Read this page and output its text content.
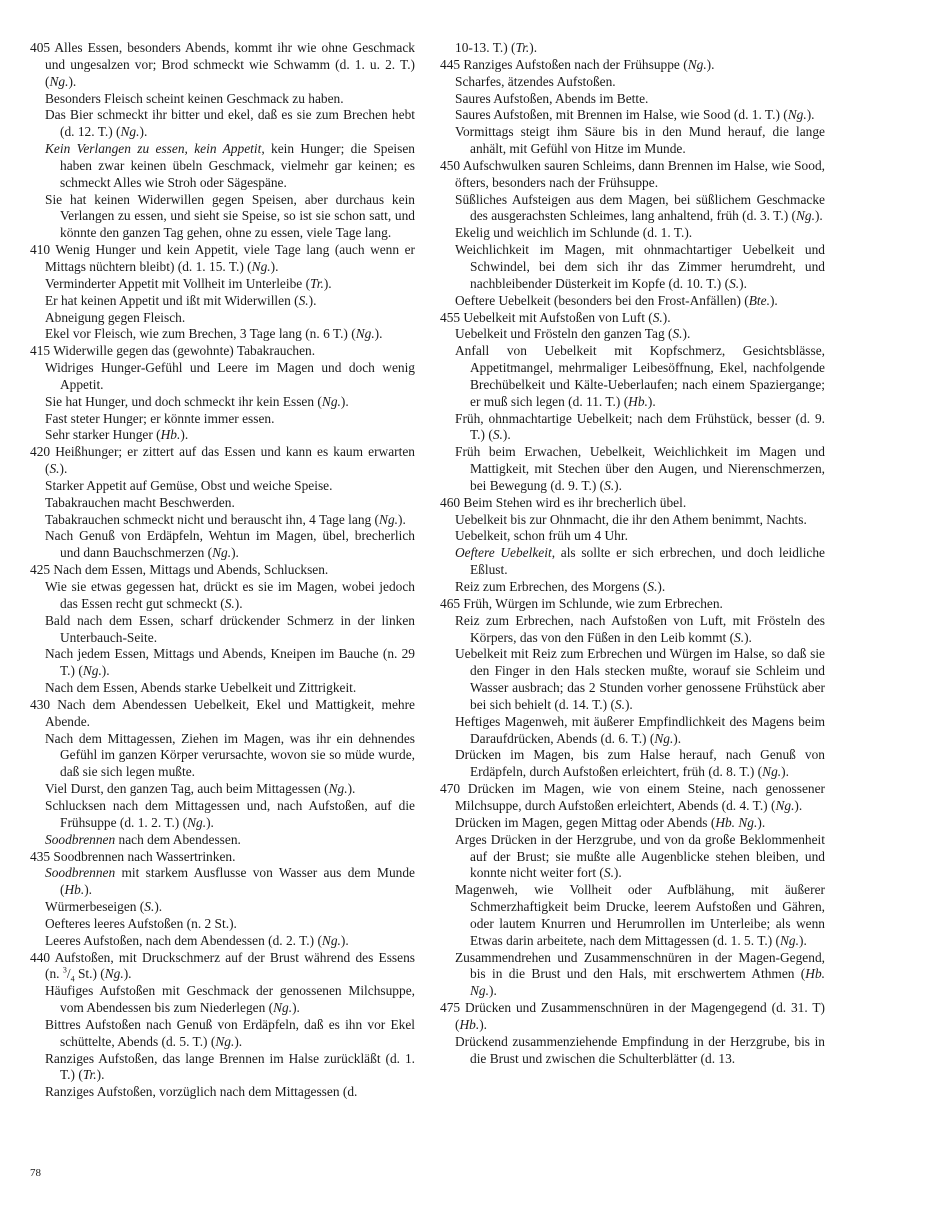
405 Alles Essen, besonders Abends, kommt ihr wie ohne Geschmack und ungesalzen vor; Brod schmeckt wie Schwamm (d. 1. u. 2. T.) (Ng.).

Besonders Fleisch scheint keinen Geschmack zu haben.

Das Bier schmeckt ihr bitter und ekel, daß es sie zum Brechen hebt (d. 12. T.) (Ng.).

Kein Verlangen zu essen, kein Appetit, kein Hunger; die Speisen haben zwar keinen übeln Geschmack, vielmehr gar keinen; es schmeckt Alles wie Stroh oder Sägespäne.

Sie hat keinen Widerwillen gegen Speisen, aber durchaus kein Verlangen zu essen, und sieht sie Speise, so ist sie schon satt, und könnte den ganzen Tag gehen, ohne zu essen, viele Tage lang.

410 Wenig Hunger und kein Appetit, viele Tage lang (auch wenn er Mittags nüchtern bleibt) (d. 1. 15. T.) (Ng.).

Verminderter Appetit mit Vollheit im Unterleibe (Tr.).

Er hat keinen Appetit und ißt mit Widerwillen (S.).

Abneigung gegen Fleisch.

Ekel vor Fleisch, wie zum Brechen, 3 Tage lang (n. 6 T.) (Ng.).

415 Widerwille gegen das (gewohnte) Tabakrauchen.

Widriges Hunger-Gefühl und Leere im Magen und doch wenig Appetit.

Sie hat Hunger, und doch schmeckt ihr kein Essen (Ng.).

Fast steter Hunger; er könnte immer essen.

Sehr starker Hunger (Hb.).

420 Heißhunger; er zittert auf das Essen und kann es kaum erwarten (S.).

Starker Appetit auf Gemüse, Obst und weiche Speise.

Tabakrauchen macht Beschwerden.

Tabakrauchen schmeckt nicht und berauscht ihn, 4 Tage lang (Ng.).

Nach Genuß von Erdäpfeln, Wehtun im Magen, übel, brecherlich und dann Bauchschmerzen (Ng.).

425 Nach dem Essen, Mittags und Abends, Schlucksen.

Wie sie etwas gegessen hat, drückt es sie im Magen, wobei jedoch das Essen recht gut schmeckt (S.).

Bald nach dem Essen, scharf drückender Schmerz in der linken Unterbauch-Seite.

Nach jedem Essen, Mittags und Abends, Kneipen im Bauche (n. 29 T.) (Ng.).

Nach dem Essen, Abends starke Uebelkeit und Zittrigkeit.

430 Nach dem Abendessen Uebelkeit, Ekel und Mattigkeit, mehre Abende.

Nach dem Mittagessen, Ziehen im Magen, was ihr ein dehnendes Gefühl im ganzen Körper verursachte, wovon sie so müde wurde, daß sie sich legen mußte.

Viel Durst, den ganzen Tag, auch beim Mittagessen (Ng.).

Schlucksen nach dem Mittagessen und, nach Aufstoßen, auf die Frühsuppe (d. 1. 2. T.) (Ng.).

Soodbrennen nach dem Abendessen.

435 Soodbrennen nach Wassertrinken.

Soodbrennen mit starkem Ausflusse von Wasser aus dem Munde (Hb.).

Würmerbeseigen (S.).

Oefteres leeres Aufstoßen (n. 2 St.).

Leeres Aufstoßen, nach dem Abendessen (d. 2. T.) (Ng.).

440 Aufstoßen, mit Druckschmerz auf der Brust während des Essens (n. $^3/_4$ St.) (Ng.).

Häufiges Aufstoßen mit Geschmack der genossenen Milchsuppe, vom Abendessen bis zum Niederlegen (Ng.).

Bittres Aufstoßen nach Genuß von Erdäpfeln, daß es ihn vor Ekel schüttelte, Abends (d. 5. T.) (Ng.).

Ranziges Aufstoßen, das lange Brennen im Halse zurückläßt (d. 1. T.) (Tr.).

Ranziges Aufstoßen, vorzüglich nach dem Mittagessen (d.

10-13. T.) (Tr.).

445 Ranziges Aufstoßen nach der Frühsuppe (Ng.).

Scharfes, ätzendes Aufstoßen.

Saures Aufstoßen, Abends im Bette.

Saures Aufstoßen, mit Brennen im Halse, wie Sood (d. 1. T.) (Ng.).

Vormittags steigt ihm Säure bis in den Mund herauf, die lange anhält, mit Gefühl von Hitze im Munde.

450 Aufschwulken sauren Schleims, dann Brennen im Halse, wie Sood, öfters, besonders nach der Frühsuppe.

Süßliches Aufsteigen aus dem Magen, bei süßlichem Geschmacke des ausgerachsten Schleimes, lang anhaltend, früh (d. 3. T.) (Ng.).

Ekelig und weichlich im Schlunde (d. 1. T.).

Weichlichkeit im Magen, mit ohnmachtartiger Uebelkeit und Schwindel, bei dem sich ihr das Zimmer herumdreht, und nachbleibender Düsterkeit im Kopfe (d. 10. T.) (S.).

Oeftere Uebelkeit (besonders bei den Frost-Anfällen) (Bte.).

455 Uebelkeit mit Aufstoßen von Luft (S.).

Uebelkeit und Frösteln den ganzen Tag (S.).

Anfall von Uebelkeit mit Kopfschmerz, Gesichtsblässe, Appetitmangel, mehrmaliger Leibesöffnung, Ekel, nachfolgende Brechübelkeit und Kälte-Ueberlaufen; nach einem Spaziergange; er muß sich legen (d. 11. T.) (Hb.).

Früh, ohnmachtartige Uebelkeit; nach dem Frühstück, besser (d. 9. T.) (S.).

Früh beim Erwachen, Uebelkeit, Weichlichkeit im Magen und Mattigkeit, mit Stechen über den Augen, und Nierenschmerzen, bei Bewegung (d. 9. T.) (S.).

460 Beim Stehen wird es ihr brecherlich übel.

Uebelkeit bis zur Ohnmacht, die ihr den Athem benimmt, Nachts.

Uebelkeit, schon früh um 4 Uhr.

Oeftere Uebelkeit, als sollte er sich erbrechen, und doch leidliche Eßlust.

Reiz zum Erbrechen, des Morgens (S.).

465 Früh, Würgen im Schlunde, wie zum Erbrechen.

Reiz zum Erbrechen, nach Aufstoßen von Luft, mit Frösteln des Körpers, das von den Füßen in den Leib kommt (S.).

Uebelkeit mit Reiz zum Erbrechen und Würgen im Halse, so daß sie den Finger in den Hals stecken mußte, worauf sie Schleim und Wasser ausbrach; das 2 Stunden vorher genossene Frühstück aber bei sich behielt (d. 14. T.) (S.).

Heftiges Magenweh, mit äußerer Empfindlichkeit des Magens beim Daraufdrücken, Abends (d. 6. T.) (Ng.).

Drücken im Magen, bis zum Halse herauf, nach Genuß von Erdäpfeln, durch Aufstoßen erleichtert, früh (d. 8. T.) (Ng.).

470 Drücken im Magen, wie von einem Steine, nach genossener Milchsuppe, durch Aufstoßen erleichtert, Abends (d. 4. T.) (Ng.).

Drücken im Magen, gegen Mittag oder Abends (Hb. Ng.).

Arges Drücken in der Herzgrube, und von da große Beklommenheit auf der Brust; sie mußte alle Augenblicke stehen bleiben, und konnte nicht weiter fort (S.).

Magenweh, wie Vollheit oder Aufblähung, mit äußerer Schmerzhaftigkeit beim Drucke, leerem Aufstoßen und Gähren, oder lautem Knurren und Herumrollen im Unterleibe; als wenn Etwas darin arbeitete, nach dem Mittagessen (d. 1. 5. T.) (Ng.).

Zusammendrehen und Zusammenschnüren in der Magen-Gegend, bis in die Brust und den Hals, mit erschwertem Athmen (Hb. Ng.).

475 Drücken und Zusammenschnüren in der Magengegend (d. 31. T) (Hb.).

Drückend zusammenziehende Empfindung in der Herzgrube, bis in die Brust und zwischen die Schulterblätter (d. 13.

78
